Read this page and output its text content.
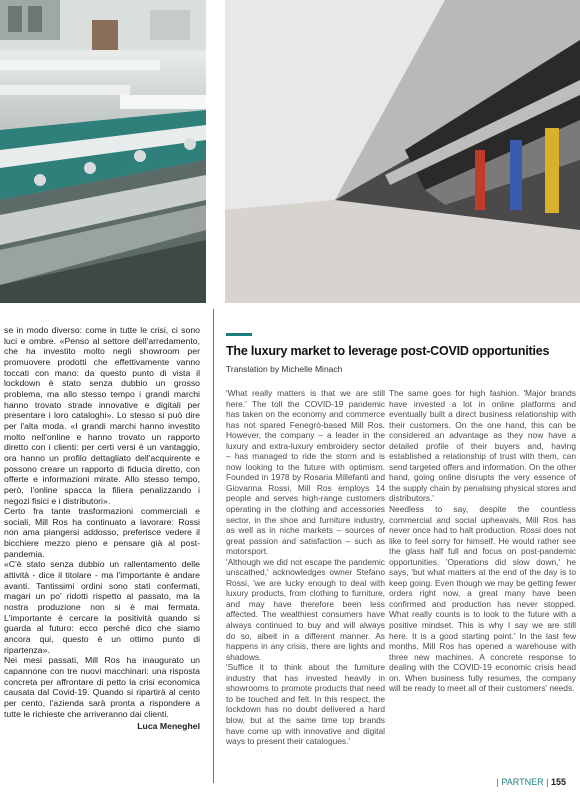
se in modo diverso: come in tutte le crisi, ci sono luci e ombre. «Penso al settore dell'arredamento, che ha investito molto negli showroom per promuovere prodotti che effettivamente vanno toccati con mano: da questo punto di vista il lockdown è stato senza dubbio un grosso problema, ma allo stesso tempo i grandi marchi hanno trovato strade innovative e digitali per presentare i loro cataloghi». Lo stesso si può dire per l'alta moda. «I grandi marchi hanno investito molto nell'online e hanno trovato un rapporto diretto con i clienti: per certi versi è un vantaggio, ora hanno un profilo dettagliato dell'acquirente e possono creare un rapporto di fiducia diretto, con offerte e informazioni mirate. Allo stesso tempo, però, l'online spacca la filiera penalizzando i negozi fisici e i distributori».

Certo fra tante trasformazioni commerciali e sociali, Mill Ros ha continuato a lavorare: Rossi non ama piangersi addosso, preferisce vedere il bicchiere mezzo pieno e pensare già al post-pandemia.

«C'è stato senza dubbio un rallentamento delle attività - dice il titolare - ma l'importante è andare avanti. Tantissimi ordini sono stati confermati, magari un po' ridotti rispetto al passato, ma la nostra produzione non si è mai fermata. L'importante è cercare la positività quando si guarda al futuro: ecco perché dico che siamo ancora qui, questo è un ottimo punto di ripartenza».

Nei mesi passati, Mill Ros ha inaugurato un capannone con tre nuovi macchinari: una risposta concreta per affrontare di petto la crisi economica causata dal Covid-19. Quando si ripartirà al cento per cento, l'azienda sarà pronta a rispondere a tutte le richieste che arriveranno dai clienti.

Luca Meneghel

The luxury market to leverage post-COVID opportunities
Translation by Michelle Minach

'What really matters is that we are still here.' The toll the COVID-19 pandemic has taken on the economy and commerce has not spared Fenegrò-based Mill Ros. However, the company – a leader in the luxury and extra-luxury embroidery sector – has managed to ride the storm and is now looking to the future with optimism. Founded in 1978 by Rosaria Millefanti and Giovanna Rossi, Mill Ros employs 14 people and serves high-range customers operating in the clothing and accessories sector, in the shoe and furniture industry, as well as in niche markets – sources of great passion and satisfaction – such as motorsport.

'Although we did not escape the pandemic unscathed,' acknowledges owner Stefano Rossi, 'we are lucky enough to deal with luxury products, from clothing to furniture, and may have therefore been less affected. The wealthiest consumers have always continued to buy and will always do so, albeit in a different manner. As happens in any crisis, there are lights and shadows.

'Suffice it to think about the furniture industry that has invested heavily in showrooms to promote products that need to be touched and felt. In this respect, the lockdown has no doubt delivered a hard blow, but at the same time top brands have come up with innovative and digital ways to present their catalogues.'

The same goes for high fashion. 'Major brands have invested a lot in online platforms and eventually built a direct business relationship with their customers. On the one hand, this can be considered an advantage as they now have a detailed profile of their buyers and, having established a relationship of trust with them, can send targeted offers and information. On the other hand, going online disrupts the very essence of the supply chain by penalising physical stores and distributors.'

Needless to say, despite the countless commercial and social upheavals, Mill Ros has never once had to halt production. Rossi does not like to feel sorry for himself. He would rather see the glass half full and focus on post-pandemic opportunities. 'Operations did slow down,' he says, 'but what matters at the end of the day is to keep going. Even though we may be getting fewer orders right now, a great many have been confirmed and production has never stopped. What really counts is to look to the future with a positive mindset. This is why I say we are still here. It is a good starting point.' In the last few months, Mill Ros has opened a warehouse with three new machines. A concrete response to dealing with the COVID-19 economic crisis head on. When business fully resumes, the company will be ready to meet all of their customers' needs.

| PARTNER | 155
